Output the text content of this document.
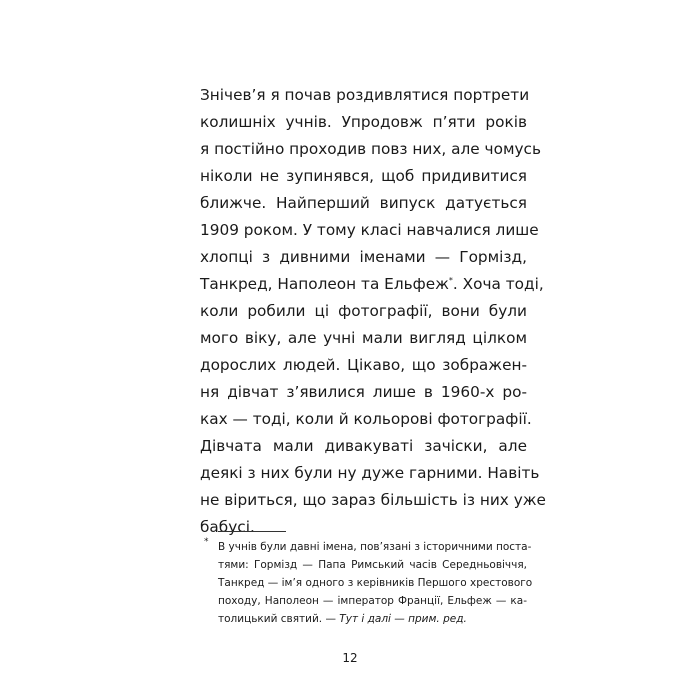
Знічев’я я почав роздивлятися портрети
колишніх учнів. Упродовж п’яти років
я постійно проходив повз них, але чомусь
ніколи не зупинявся, щоб придивитися
ближче. Найперший випуск датується
1909 роком. У тому класі навчалися лише
хлопці з дивними іменами — Гормізд,
Танкред, Наполеон та Ельфеж*. Хоча тоді,
коли робили ці фотографії, вони були
мого віку, але учні мали вигляд цілком
дорослих людей. Цікаво, що зображен-
ня дівчат з’явилися лише в 1960-х ро-
ках — тоді, коли й кольорові фотографії.
Дівчата мали дивакуваті зачіски, але
деякі з них були ну дуже гарними. Навіть
не віриться, що зараз більшість із них уже
бабусі.
* В учнів були давні імена, пов’язані з історичними поста-
тями: Гормізд — Папа Римський часів Середньовіччя,
Танкред — ім’я одного з керівників Першого хрестового
походу, Наполеон — імператор Франції, Ельфеж — ка-
толицький святий. — Тут і далі — прим. ред.
12
